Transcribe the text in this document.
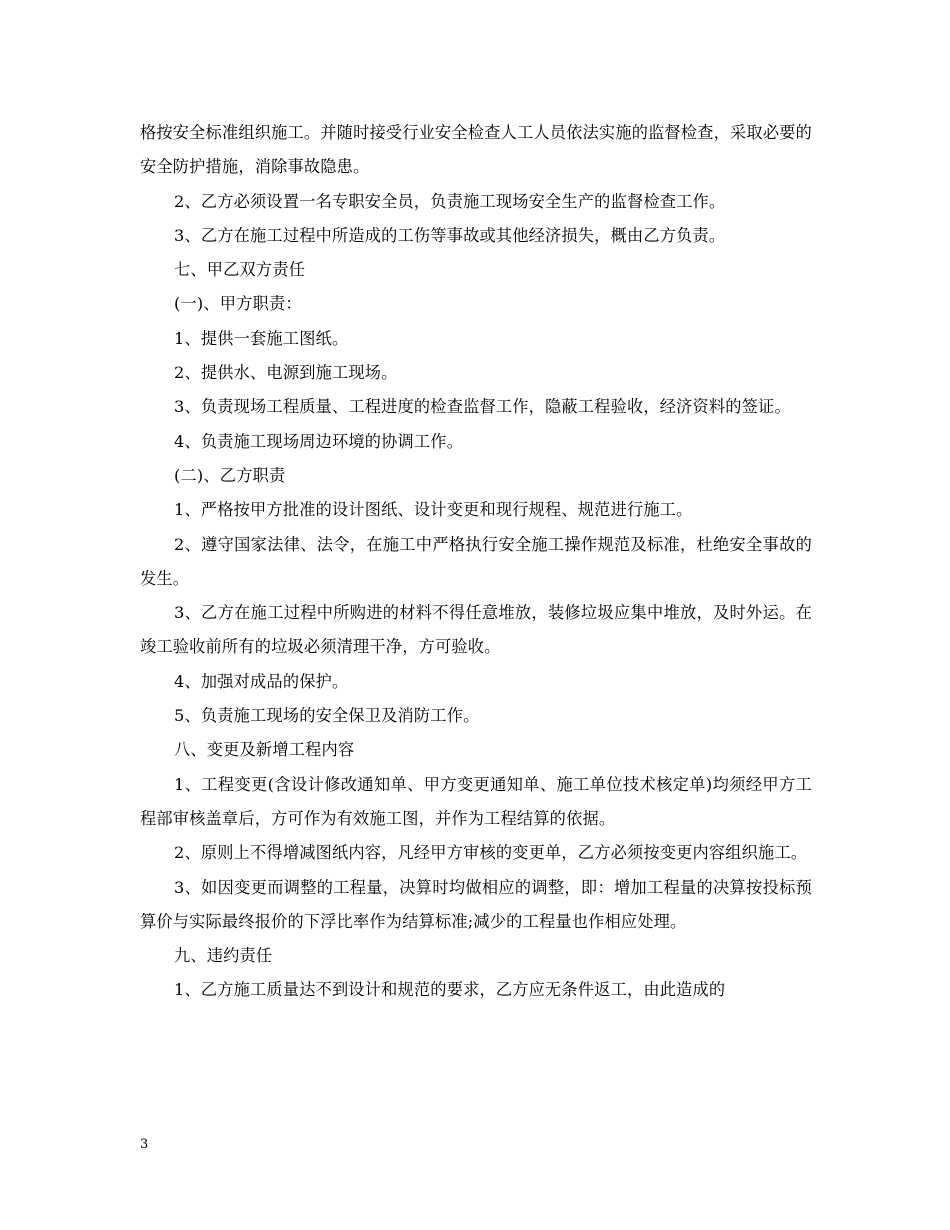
格按安全标准组织施工。并随时接受行业安全检查人工人员依法实施的监督检查，采取必要的安全防护措施，消除事故隐患。

2、乙方必须设置一名专职安全员，负责施工现场安全生产的监督检查工作。

3、乙方在施工过程中所造成的工伤等事故或其他经济损失，概由乙方负责。

七、甲乙双方责任

(一)、甲方职责：

1、提供一套施工图纸。

2、提供水、电源到施工现场。

3、负责现场工程质量、工程进度的检查监督工作，隐蔽工程验收，经济资料的签证。

4、负责施工现场周边环境的协调工作。

(二)、乙方职责

1、严格按甲方批准的设计图纸、设计变更和现行规程、规范进行施工。

2、遵守国家法律、法令，在施工中严格执行安全施工操作规范及标准，杜绝安全事故的发生。

3、乙方在施工过程中所购进的材料不得任意堆放，装修垃圾应集中堆放，及时外运。在竣工验收前所有的垃圾必须清理干净，方可验收。

4、加强对成品的保护。

5、负责施工现场的安全保卫及消防工作。

八、变更及新增工程内容

1、工程变更(含设计修改通知单、甲方变更通知单、施工单位技术核定单)均须经甲方工程部审核盖章后，方可作为有效施工图，并作为工程结算的依据。

2、原则上不得增减图纸内容，凡经甲方审核的变更单，乙方必须按变更内容组织施工。

3、如因变更而调整的工程量，决算时均做相应的调整，即：增加工程量的决算按投标预算价与实际最终报价的下浮比率作为结算标准;减少的工程量也作相应处理。

九、违约责任

1、乙方施工质量达不到设计和规范的要求，乙方应无条件返工，由此造成的

3
